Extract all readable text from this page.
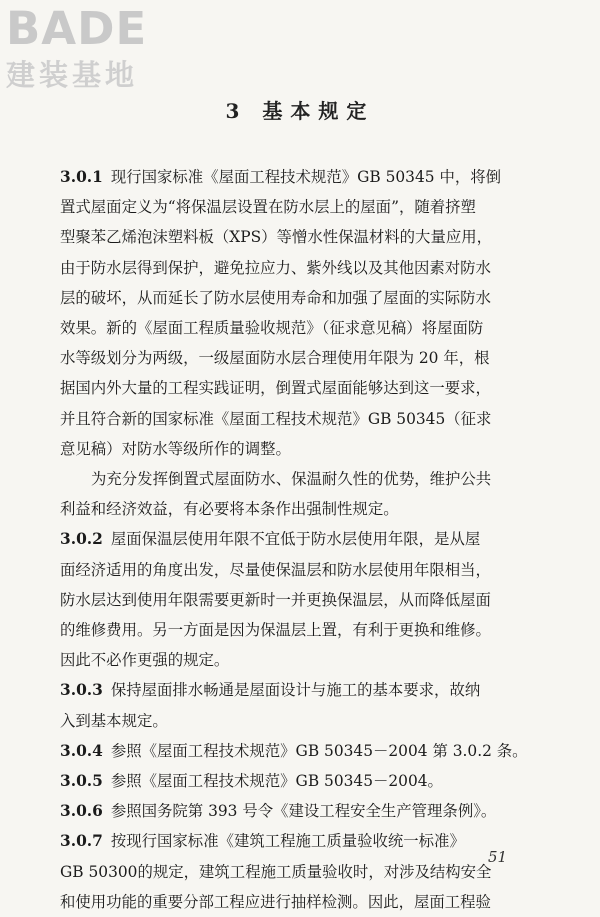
BADE
建装基地
3 基本规定
3.0.1 现行国家标准《屋面工程技术规范》GB 50345 中，将倒
置式屋面定义为“将保温层设置在防水层上的屋面”，随着挤塑
型聚苯乙烯泡沫塑料板（XPS）等憎水性保温材料的大量应用，
由于防水层得到保护，避免拉应力、紫外线以及其他因素对防水
层的破坏，从而延长了防水层使用寿命和加强了屋面的实际防水
效果。新的《屋面工程质量验收规范》（征求意见稿）将屋面防
水等级划分为两级，一级屋面防水层合理使用年限为 20 年，根
据国内外大量的工程实践证明，倒置式屋面能够达到这一要求，
并且符合新的国家标准《屋面工程技术规范》GB 50345（征求
意见稿）对防水等级所作的调整。
为充分发挥倒置式屋面防水、保温耐久性的优势，维护公共
利益和经济效益，有必要将本条作出强制性规定。
3.0.2 屋面保温层使用年限不宜低于防水层使用年限，是从屋
面经济适用的角度出发，尽量使保温层和防水层使用年限相当，
防水层达到使用年限需要更新时一并更换保温层，从而降低屋面
的维修费用。另一方面是因为保温层上置，有利于更换和维修。
因此不必作更强的规定。
3.0.3 保持屋面排水畅通是屋面设计与施工的基本要求，故纳
入到基本规定。
3.0.4 参照《屋面工程技术规范》GB 50345－2004 第 3.0.2 条。
3.0.5 参照《屋面工程技术规范》GB 50345－2004。
3.0.6 参照国务院第 393 号令《建设工程安全生产管理条例》。
3.0.7 按现行国家标准《建筑工程施工质量验收统一标准》
GB 50300的规定，建筑工程施工质量验收时，对涉及结构安全
和使用功能的重要分部工程应进行抽样检测。因此，屋面工程验
51
